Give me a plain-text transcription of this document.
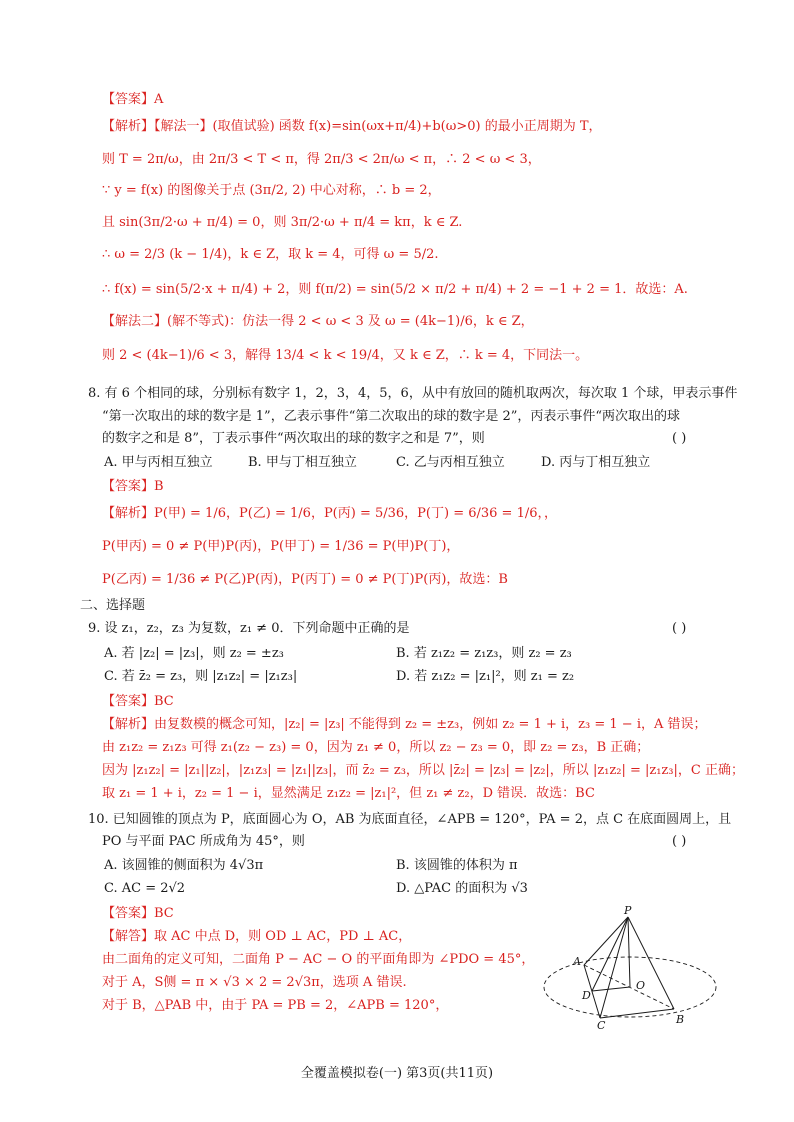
【答案】A
【解析】【解法一】(取值试验) 函数 f(x)=sin(ωx+π/4)+b(ω>0) 的最小正周期为 T，
则 T = 2π/ω，由 2π/3 < T < π，得 2π/3 < 2π/ω < π，∴ 2 < ω < 3，
∵ y = f(x) 的图像关于点 (3π/2, 2) 中心对称，∴ b = 2，
且 sin(3π/2·ω + π/4) = 0，则 3π/2·ω + π/4 = kπ，k ∈ Z.
∴ ω = 2/3 (k − 1/4)，k ∈ Z，取 k = 4，可得 ω = 5/2.
∴ f(x) = sin(5/2·x + π/4) + 2，则 f(π/2) = sin(5/2 × π/2 + π/4) + 2 = −1 + 2 = 1．故选：A.
【解法二】(解不等式)：仿法一得 2 < ω < 3 及 ω = (4k−1)/6，k ∈ Z，
则 2 < (4k−1)/6 < 3，解得 13/4 < k < 19/4，又 k ∈ Z，∴ k = 4，下同法一。
8. 有 6 个相同的球，分别标有数字 1，2，3，4，5，6，从中有放回的随机取两次，每次取 1 个球，甲表示事件
“第一次取出的球的数字是 1”，乙表示事件“第二次取出的球的数字是 2”，丙表示事件“两次取出的球
的数字之和是 8”，丁表示事件“两次取出的球的数字之和是 7”，则	( )
A. 甲与丙相互独立	B. 甲与丁相互独立	C. 乙与丙相互独立	D. 丙与丁相互独立
【答案】B
【解析】P(甲) = 1/6，P(乙) = 1/6，P(丙) = 5/36，P(丁) = 6/36 = 1/6，，
P(甲丙) = 0 ≠ P(甲)P(丙)，P(甲丁) = 1/36 = P(甲)P(丁)，
P(乙丙) = 1/36 ≠ P(乙)P(丙)，P(丙丁) = 0 ≠ P(丁)P(丙)，故选：B
二、选择题
9. 设 z₁，z₂，z₃ 为复数，z₁ ≠ 0．下列命题中正确的是	( )
A. 若 |z₂| = |z₃|，则 z₂ = ±z₃	B. 若 z₁z₂ = z₁z₃，则 z₂ = z₃
C. 若 z̄₂ = z₃，则 |z₁z₂| = |z₁z₃|	D. 若 z₁z₂ = |z₁|²，则 z₁ = z₂
【答案】BC
【解析】由复数模的概念可知，|z₂| = |z₃| 不能得到 z₂ = ±z₃，例如 z₂ = 1 + i，z₃ = 1 − i，A 错误；
由 z₁z₂ = z₁z₃ 可得 z₁(z₂ − z₃) = 0，因为 z₁ ≠ 0，所以 z₂ − z₃ = 0，即 z₂ = z₃，B 正确；
因为 |z₁z₂| = |z₁||z₂|，|z₁z₃| = |z₁||z₃|，而 z̄₂ = z₃，所以 |z̄₂| = |z₃| = |z₂|，所以 |z₁z₂| = |z₁z₃|，C 正确；
取 z₁ = 1 + i，z₂ = 1 − i，显然满足 z₁z₂ = |z₁|²，但 z₁ ≠ z₂，D 错误．故选：BC
10. 已知圆锥的顶点为 P，底面圆心为 O，AB 为底面直径，∠APB = 120°，PA = 2，点 C 在底面圆周上，且
PO 与平面 PAC 所成角为 45°，则	( )
A. 该圆锥的侧面积为 4√3π	B. 该圆锥的体积为 π
C. AC = 2√2	D. △PAC 的面积为 √3
【答案】BC
【解答】取 AC 中点 D，则 OD ⊥ AC，PD ⊥ AC，
由二面角的定义可知，二面角 P − AC − O 的平面角即为 ∠PDO = 45°，
对于 A，S侧 = π × √3 × 2 = 2√3π，选项 A 错误.
对于 B，△PAB 中，由于 PA = PB = 2，∠APB = 120°，
P
A
D
O
C	B
全覆盖模拟卷(一) 第3页(共11页)
